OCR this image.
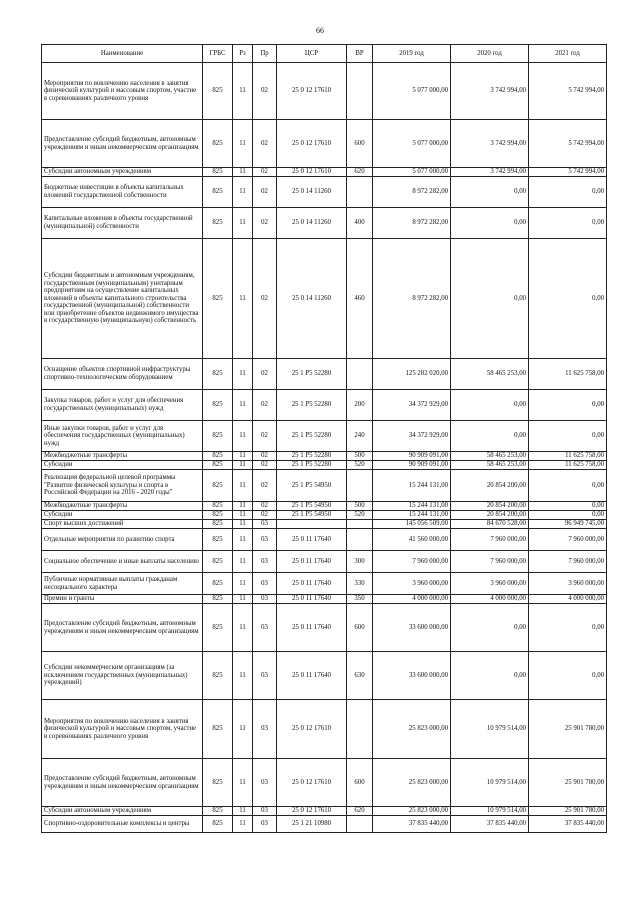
66
Наименование	ГРБС	Рз	Пр	ЦСР	ВР	2019 год	2020 год	2021 год
Мероприятия по вовлечению населения в занятия физической культурой и массовым спортом, участие в соревнованиях различного уровня	825	11	02	25 0 12 17610		5 077 000,00	3 742 994,00	5 742 994,00
Предоставление субсидий бюджетным, автономным учреждениям и иным некоммерческим организациям	825	11	02	25 0 12 17610	600	5 077 000,00	3 742 994,00	5 742 994,00
Субсидии автономным учреждениям	825	11	02	25 0 12 17610	620	5 077 000,00	3 742 994,00	5 742 994,00
Бюджетные инвестиции в объекты капитальных вложений государственной собственности	825	11	02	25 0 14 11260		8 972 282,00	0,00	0,00
Капитальные вложения в объекты государственной (муниципальной) собственности	825	11	02	25 0 14 11260	400	8 972 282,00	0,00	0,00
Субсидии бюджетным и автономным учреждениям, государственным (муниципальным) унитарным предприятиям на осуществление капитальных вложений в объекты капитального строительства государственной (муниципальной) собственности или приобретение объектов недвижимого имущества в государственную (муниципальную) собственность	825	11	02	25 0 14 11260	460	8 972 282,00	0,00	0,00
Оснащение объектов спортивной инфраструктуры спортивно-технологическим оборудованием	825	11	02	25 1 P5 52280		125 282 020,00	58 465 253,00	11 625 758,00
Закупка товаров, работ и услуг для обеспечения государственных (муниципальных) нужд	825	11	02	25 1 P5 52280	200	34 372 929,00	0,00	0,00
Иные закупки товаров, работ и услуг для обеспечения государственных (муниципальных) нужд	825	11	02	25 1 P5 52280	240	34 372 929,00	0,00	0,00
Межбюджетные трансферты	825	11	02	25 1 P5 52280	500	90 909 091,00	58 465 253,00	11 625 758,00
Субсидии	825	11	02	25 1 P5 52280	520	90 909 091,00	58 465 253,00	11 625 758,00
Реализация федеральной целевой программы "Развитие физической культуры и спорта в Российской Федерации на 2016 - 2020 годы"	825	11	02	25 1 P5 54950		15 244 131,00	20 854 200,00	0,00
Межбюджетные трансферты	825	11	02	25 1 P5 54950	500	15 244 131,00	20 854 200,00	0,00
Субсидии	825	11	02	25 1 P5 54950	520	15 244 131,00	20 854 200,00	0,00
Спорт высших достижений	825	11	03			145 056 509,00	84 670 528,00	96 949 745,00
Отдельные мероприятия по развитию спорта	825	11	03	25 0 11 17640		41 560 000,00	7 960 000,00	7 960 000,00
Социальное обеспечение и иные выплаты населению	825	11	03	25 0 11 17640	300	7 960 000,00	7 960 000,00	7 960 000,00
Публичные нормативные выплаты гражданам несоциального характера	825	11	03	25 0 11 17640	330	3 960 000,00	3 960 000,00	3 960 000,00
Премии и гранты	825	11	03	25 0 11 17640	350	4 000 000,00	4 000 000,00	4 000 000,00
Предоставление субсидий бюджетным, автономным учреждениям и иным некоммерческим организациям	825	11	03	25 0 11 17640	600	33 600 000,00	0,00	0,00
Субсидии некоммерческим организациям (за исключением государственных (муниципальных) учреждений)	825	11	03	25 0 11 17640	630	33 600 000,00	0,00	0,00
Мероприятия по вовлечению населения в занятия физической культурой и массовым спортом, участие в соревнованиях различного уровня	825	11	03	25 0 12 17610		25 823 000,00	10 979 514,00	25 901 780,00
Предоставление субсидий бюджетным, автономным учреждениям и иным некоммерческим организациям	825	11	03	25 0 12 17610	600	25 823 000,00	10 979 514,00	25 901 780,00
Субсидии автономным учреждениям	825	11	03	25 0 12 17610	620	25 823 000,00	10 979 514,00	25 901 780,00
Спортивно-оздоровительные комплексы и центры	825	11	03	25 1 21 10980		37 835 440,00	37 835 440,00	37 835 440,00
